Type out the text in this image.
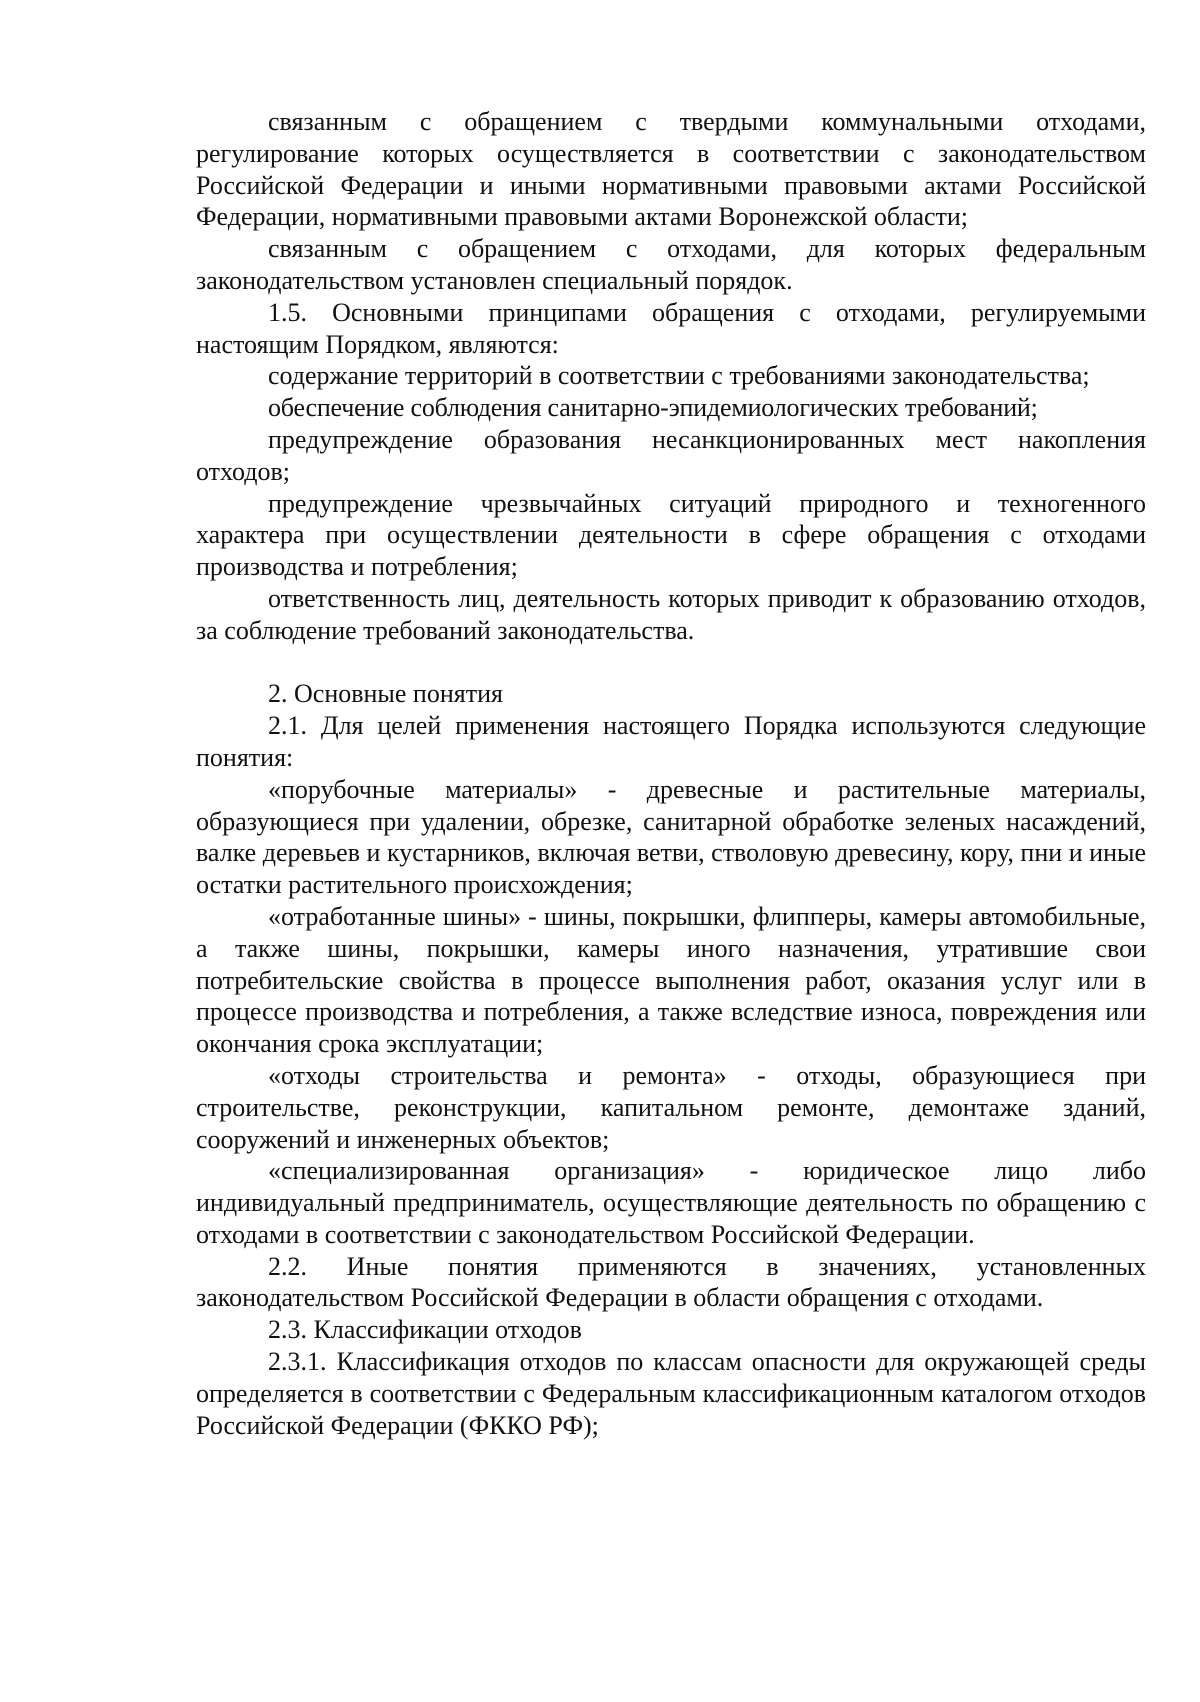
связанным с обращением с твердыми коммунальными отходами, регулирование которых осуществляется в соответствии с законодательством Российской Федерации и иными нормативными правовыми актами Российской Федерации, нормативными правовыми актами Воронежской области;

связанным с обращением с отходами, для которых федеральным законодательством установлен специальный порядок.

1.5. Основными принципами обращения с отходами, регулируемыми настоящим Порядком, являются:

содержание территорий в соответствии с требованиями законодательства;

обеспечение соблюдения санитарно-эпидемиологических требований;

предупреждение образования несанкционированных мест накопления отходов;

предупреждение чрезвычайных ситуаций природного и техногенного характера при осуществлении деятельности в сфере обращения с отходами производства и потребления;

ответственность лиц, деятельность которых приводит к образованию отходов, за соблюдение требований законодательства.

2. Основные понятия

2.1. Для целей применения настоящего Порядка используются следующие понятия:

«порубочные материалы» - древесные и растительные материалы, образующиеся при удалении, обрезке, санитарной обработке зеленых насаждений, валке деревьев и кустарников, включая ветви, стволовую древесину, кору, пни и иные остатки растительного происхождения;

«отработанные шины» - шины, покрышки, флипперы, камеры автомобильные, а также шины, покрышки, камеры иного назначения, утратившие свои потребительские свойства в процессе выполнения работ, оказания услуг или в процессе производства и потребления, а также вследствие износа, повреждения или окончания срока эксплуатации;

«отходы строительства и ремонта» - отходы, образующиеся при строительстве, реконструкции, капитальном ремонте, демонтаже зданий, сооружений и инженерных объектов;

«специализированная организация» - юридическое лицо либо индивидуальный предприниматель, осуществляющие деятельность по обращению с отходами в соответствии с законодательством Российской Федерации.

2.2. Иные понятия применяются в значениях, установленных законодательством Российской Федерации в области обращения с отходами.

2.3. Классификации отходов

2.3.1. Классификация отходов по классам опасности для окружающей среды определяется в соответствии с Федеральным классификационным каталогом отходов Российской Федерации (ФККО РФ);
